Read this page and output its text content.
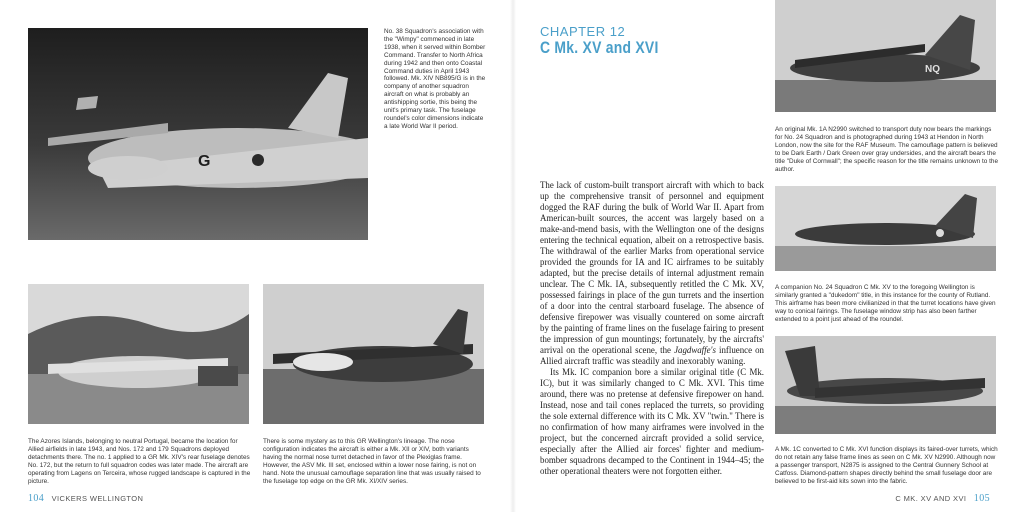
G
No. 38 Squadron's association with the "Wimpy" commenced in late 1938, when it served within Bomber Command. Transfer to North Africa during 1942 and then onto Coastal Command duties in April 1943 followed. Mk. XIV NB895/G is in the company of another squadron aircraft on what is probably an antishipping sortie, this being the unit's primary task. The fuselage roundel's color dimensions indicate a late World War II period.
The Azores Islands, belonging to neutral Portugal, became the location for Allied airfields in late 1943, and Nos. 172 and 179 Squadrons deployed detachments there. The no. 1 applied to a GR Mk. XIV's rear fuselage denotes No. 172, but the return to full squadron codes was later made. The aircraft are operating from Lagens on Terceira, whose rugged landscape is captured in the picture.
There is some mystery as to this GR Wellington's lineage. The nose configuration indicates the aircraft is either a Mk. XII or XIV, both variants having the normal nose turret detached in favor of the Plexiglas frame. However, the ASV Mk. III set, enclosed within a lower nose fairing, is not on hand. Note the unusual camouflage separation line that was usually raised to the fuselage top edge on the GR Mk. XI/XIV series.
104 VICKERS WELLINGTON
CHAPTER 12
C Mk. XV and XVI

The lack of custom-built transport aircraft with which to back up the comprehensive transit of personnel and equipment dogged the RAF during the bulk of World War II. Apart from American-built sources, the accent was largely based on a make-and-mend basis, with the Wellington one of the designs entering the technical equation, albeit on a retrospective basis. The withdrawal of the earlier Marks from operational service provided the grounds for IA and IC airframes to be suitably adapted, but the precise details of internal adjustment remain unclear. The C Mk. IA, subsequently retitled the C Mk. XV, possessed fairings in place of the gun turrets and the insertion of a door into the central starboard fuselage. The absence of defensive firepower was visually countered on some aircraft by the painting of frame lines on the fuselage fairing to present the impression of gun mountings; fortunately, by the aircrafts' arrival on the operational scene, the Jagdwaffe's influence on Allied aircraft traffic was steadily and inexorably waning.

Its Mk. IC companion bore a similar original title (C Mk. IC), but it was similarly changed to C Mk. XVI. This time around, there was no pretense at defensive firepower on hand. Instead, nose and tail cones replaced the turrets, so providing the sole external difference with its C Mk. XV "twin." There is no confirmation of how many airframes were involved in the project, but the concerned aircraft provided a solid service, especially after the Allied air forces' fighter and medium-bomber squadrons decamped to the Continent in 1944–45; the other operational theaters were not forgotten either.

NQ
An original Mk. 1A N2990 switched to transport duty now bears the markings for No. 24 Squadron and is photographed during 1943 at Hendon in North London, now the site for the RAF Museum. The camouflage pattern is believed to be Dark Earth / Dark Green over gray undersides, and the aircraft bears the title "Duke of Cornwall"; the specific reason for the title remains unknown to the author.
A companion No. 24 Squadron C Mk. XV to the foregoing Wellington is similarly granted a "dukedom" title, in this instance for the county of Rutland. This airframe has been more civilianized in that the turret locations have given way to conical fairings. The fuselage window strip has also been farther extended to a point just ahead of the roundel.
A Mk. 1C converted to C Mk. XVI function displays its faired-over turrets, which do not retain any false frame lines as seen on C Mk. XV N2990. Although now a passenger transport, N2875 is assigned to the Central Gunnery School at Catfoss. Diamond-pattern shapes directly behind the small fuselage door are believed to be first-aid kits sown into the fabric.
C MK. XV AND XVI 105
